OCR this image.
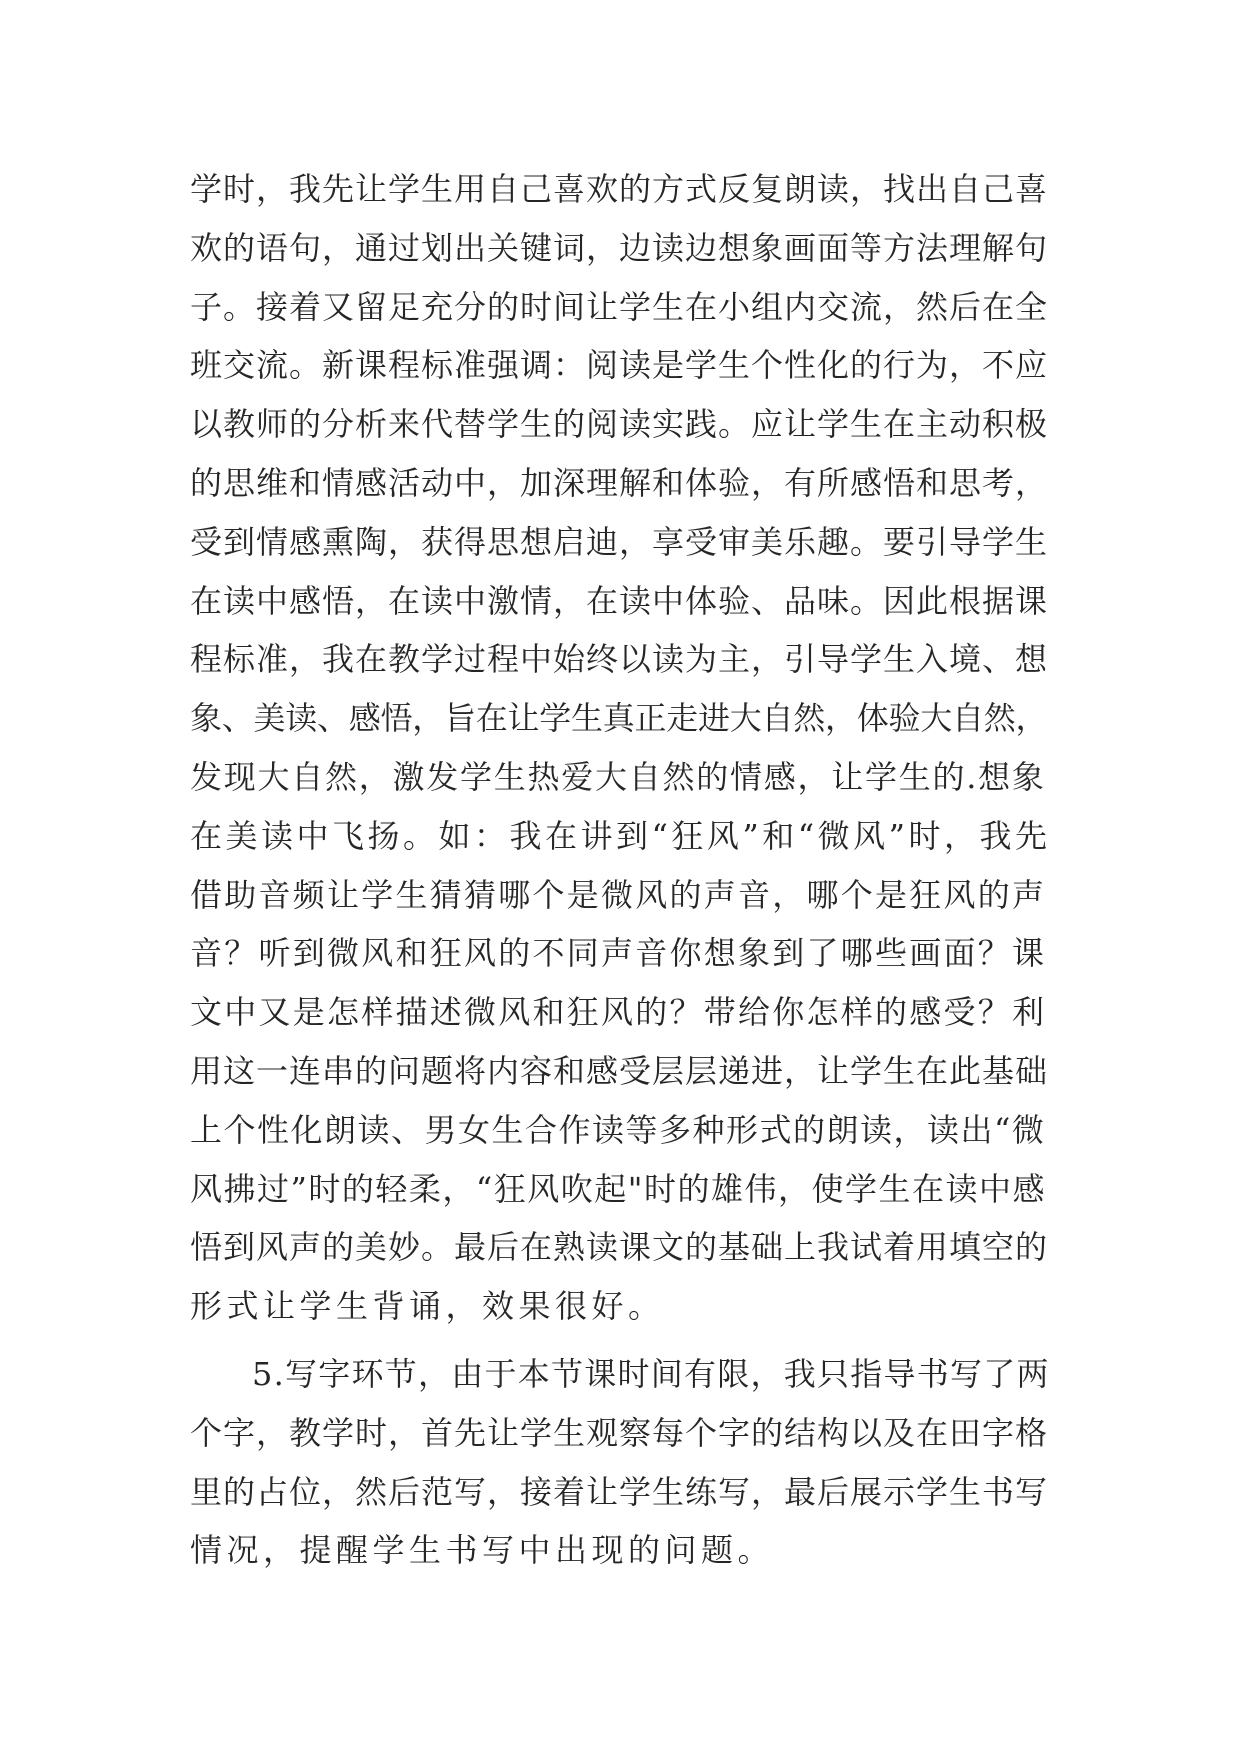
学时，我先让学生用自己喜欢的方式反复朗读，找出自己喜
欢的语句，通过划出关键词，边读边想象画面等方法理解句
子。接着又留足充分的时间让学生在小组内交流，然后在全
班交流。新课程标准强调：阅读是学生个性化的行为，不应
以教师的分析来代替学生的阅读实践。应让学生在主动积极
的思维和情感活动中，加深理解和体验，有所感悟和思考，
受到情感熏陶，获得思想启迪，享受审美乐趣。要引导学生
在读中感悟，在读中激情，在读中体验、品味。因此根据课
程标准，我在教学过程中始终以读为主，引导学生入境、想
象、美读、感悟，旨在让学生真正走进大自然，体验大自然，
发现大自然，激发学生热爱大自然的情感，让学生的.想象
在美读中飞扬。如：我在讲到“狂风”和“微风”时，我先
借助音频让学生猜猜哪个是微风的声音，哪个是狂风的声
音？听到微风和狂风的不同声音你想象到了哪些画面？课
文中又是怎样描述微风和狂风的？带给你怎样的感受？利
用这一连串的问题将内容和感受层层递进，让学生在此基础
上个性化朗读、男女生合作读等多种形式的朗读，读出“微
风拂过”时的轻柔，“狂风吹起"时的雄伟，使学生在读中感
悟到风声的美妙。最后在熟读课文的基础上我试着用填空的
形式让学生背诵，效果很好。
5.写字环节，由于本节课时间有限，我只指导书写了两
个字，教学时，首先让学生观察每个字的结构以及在田字格
里的占位，然后范写，接着让学生练写，最后展示学生书写
情况，提醒学生书写中出现的问题。
